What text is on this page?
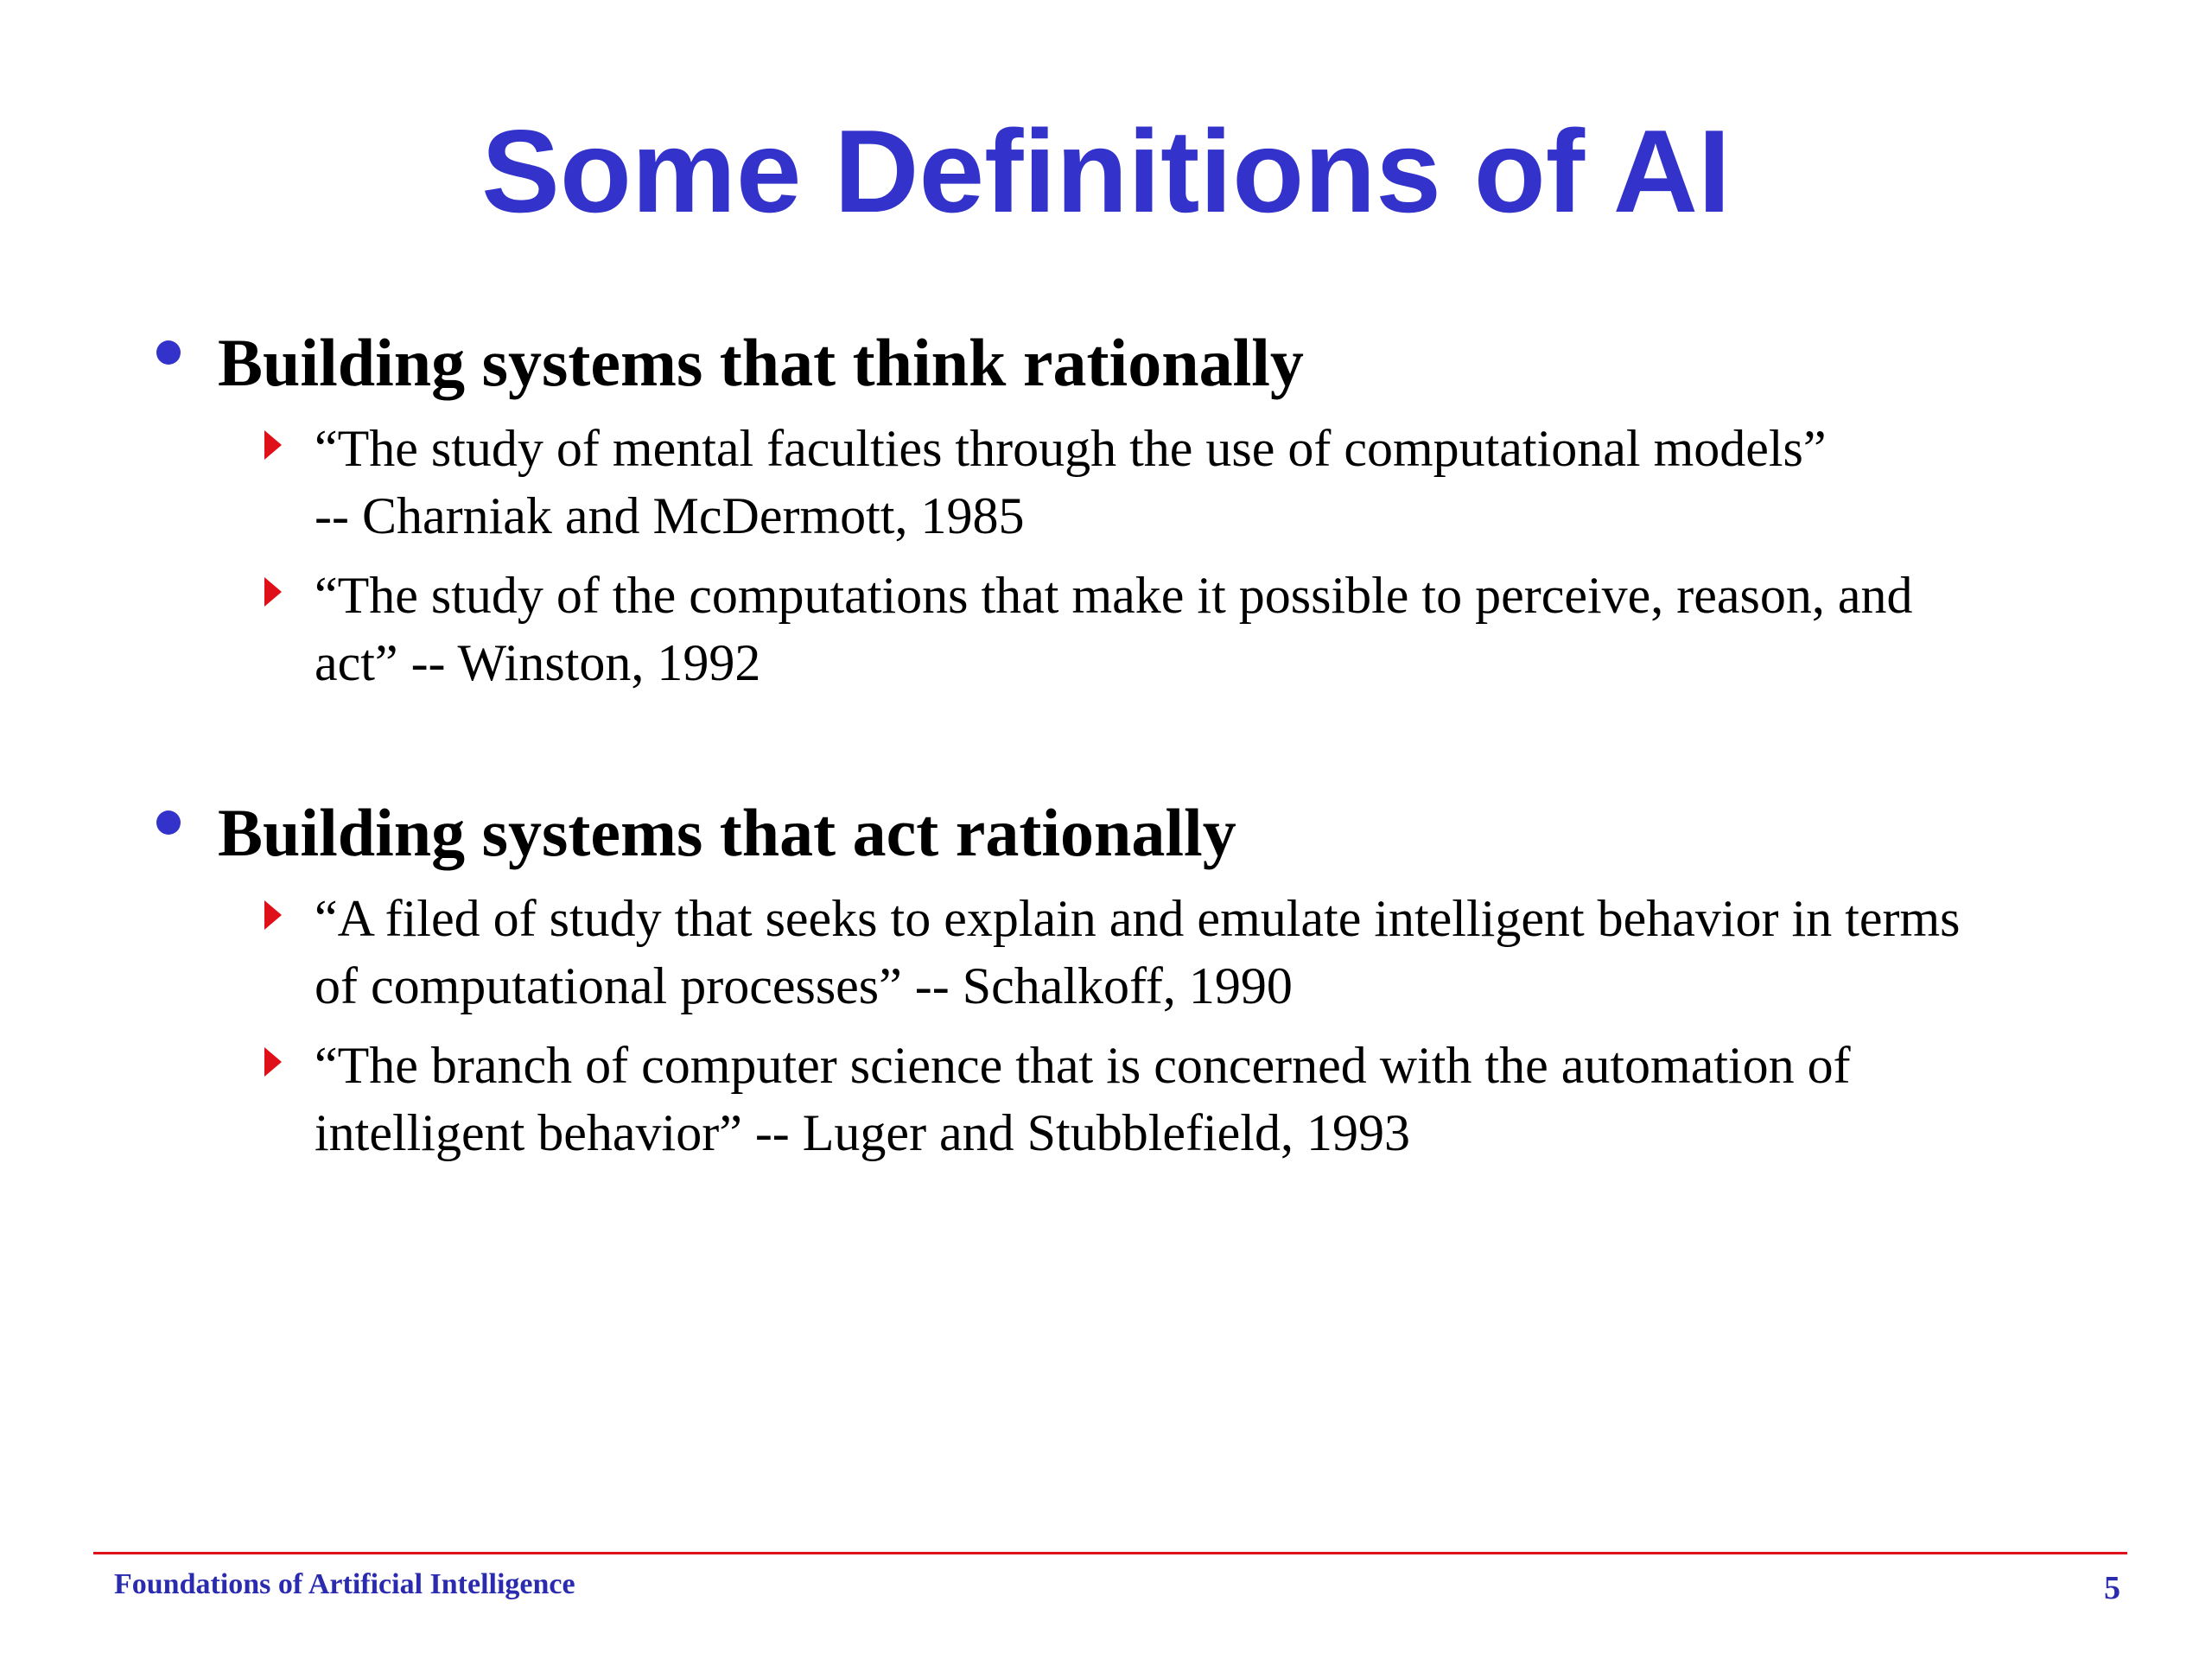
Some Definitions of AI
Building systems that think rationally
“The study of mental faculties through the use of computational models”
-- Charniak and McDermott, 1985
“The study of the computations that make it possible to perceive, reason, and
act” -- Winston, 1992
Building systems that act rationally
“A filed of study that seeks to explain and emulate intelligent behavior in terms
of computational processes” -- Schalkoff, 1990
“The branch of computer science that is concerned with the automation of
intelligent behavior” -- Luger and Stubblefield, 1993
Foundations of Artificial Intelligence	5
